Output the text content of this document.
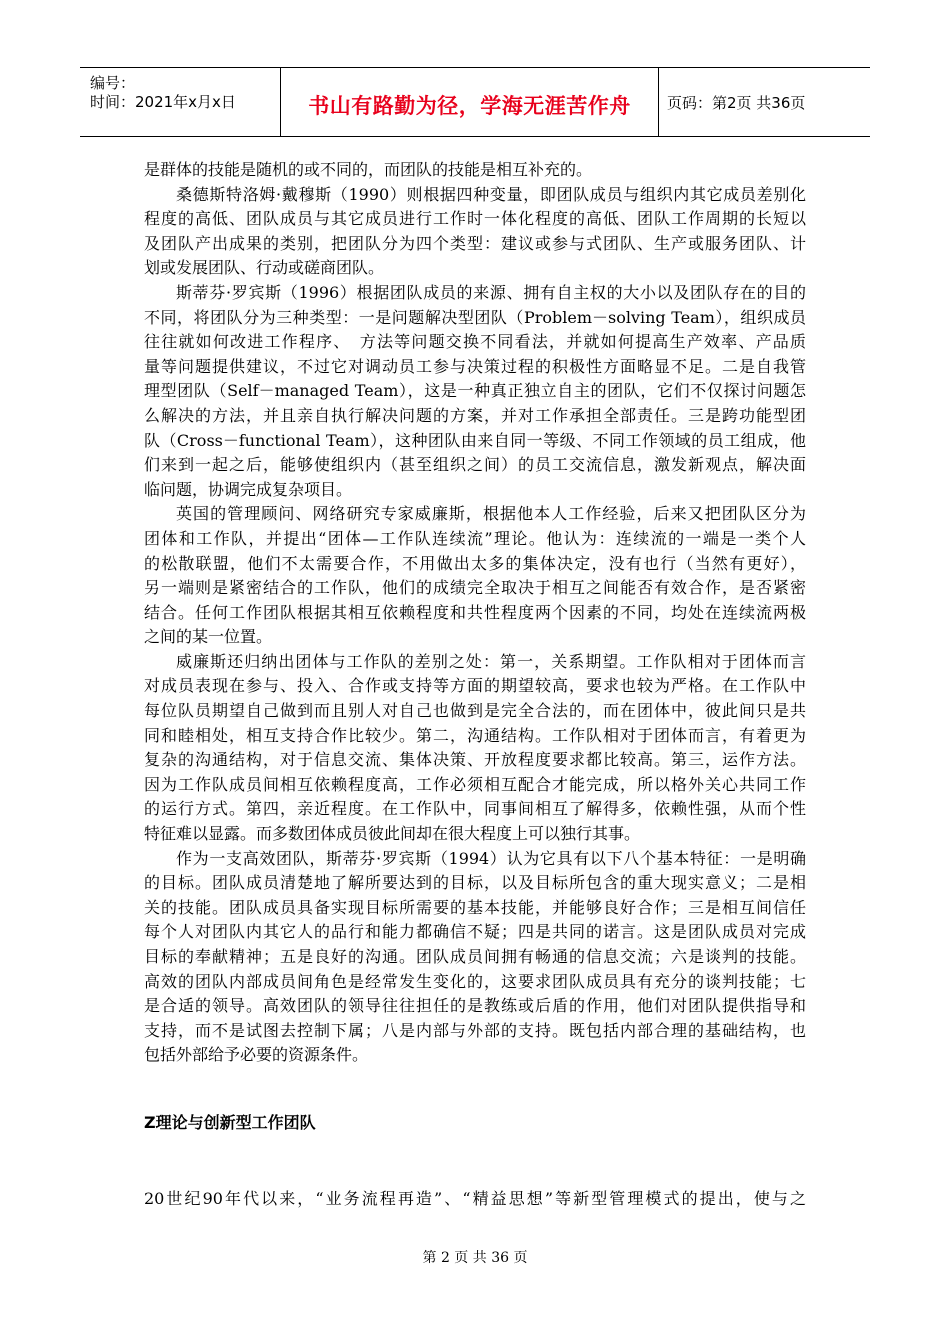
编号：
时间：2021年x月x日	书山有路勤为径，学海无涯苦作舟	页码：第2页 共36页
是群体的技能是随机的或不同的，而团队的技能是相互补充的。
桑德斯特洛姆·戴穆斯（1990）则根据四种变量，即团队成员与组织内其它成员差别化
程度的高低、团队成员与其它成员进行工作时一体化程度的高低、团队工作周期的长短以
及团队产出成果的类别，把团队分为四个类型：建议或参与式团队、生产或服务团队、计
划或发展团队、行动或磋商团队。
斯蒂芬·罗宾斯（1996）根据团队成员的来源、拥有自主权的大小以及团队存在的目的
不同，将团队分为三种类型：一是问题解决型团队（Problem－solving Team），组织成员
往往就如何改进工作程序、　方法等问题交换不同看法，并就如何提高生产效率、产品质
量等问题提供建议，不过它对调动员工参与决策过程的积极性方面略显不足。二是自我管
理型团队（Self－managed Team），这是一种真正独立自主的团队，它们不仅探讨问题怎
么解决的方法，并且亲自执行解决问题的方案，并对工作承担全部责任。三是跨功能型团
队（Cross－functional Team），这种团队由来自同一等级、不同工作领域的员工组成，他
们来到一起之后，能够使组织内（甚至组织之间）的员工交流信息，激发新观点，解决面
临问题，协调完成复杂项目。
英国的管理顾问、网络研究专家威廉斯，根据他本人工作经验，后来又把团队区分为
团体和工作队，并提出“团体—工作队连续流”理论。他认为：连续流的一端是一类个人
的松散联盟，他们不太需要合作，不用做出太多的集体决定，没有也行（当然有更好），
另一端则是紧密结合的工作队，他们的成绩完全取决于相互之间能否有效合作，是否紧密
结合。任何工作团队根据其相互依赖程度和共性程度两个因素的不同，均处在连续流两极
之间的某一位置。
威廉斯还归纳出团体与工作队的差别之处：第一，关系期望。工作队相对于团体而言
对成员表现在参与、投入、合作或支持等方面的期望较高，要求也较为严格。在工作队中
每位队员期望自己做到而且别人对自己也做到是完全合法的，而在团体中，彼此间只是共
同和睦相处，相互支持合作比较少。第二，沟通结构。工作队相对于团体而言，有着更为
复杂的沟通结构，对于信息交流、集体决策、开放程度要求都比较高。第三，运作方法。
因为工作队成员间相互依赖程度高，工作必须相互配合才能完成，所以格外关心共同工作
的运行方式。第四，亲近程度。在工作队中，同事间相互了解得多，依赖性强，从而个性
特征难以显露。而多数团体成员彼此间却在很大程度上可以独行其事。
作为一支高效团队，斯蒂芬·罗宾斯（1994）认为它具有以下八个基本特征：一是明确
的目标。团队成员清楚地了解所要达到的目标，以及目标所包含的重大现实意义；二是相
关的技能。团队成员具备实现目标所需要的基本技能，并能够良好合作；三是相互间信任
每个人对团队内其它人的品行和能力都确信不疑；四是共同的诺言。这是团队成员对完成
目标的奉献精神；五是良好的沟通。团队成员间拥有畅通的信息交流；六是谈判的技能。
高效的团队内部成员间角色是经常发生变化的，这要求团队成员具有充分的谈判技能；七
是合适的领导。高效团队的领导往往担任的是教练或后盾的作用，他们对团队提供指导和
支持，而不是试图去控制下属；八是内部与外部的支持。既包括内部合理的基础结构，也
包括外部给予必要的资源条件。
Z理论与创新型工作团队
20世纪90年代以来，“业务流程再造”、“精益思想”等新型管理模式的提出，使与之
第 2 页 共 36 页
